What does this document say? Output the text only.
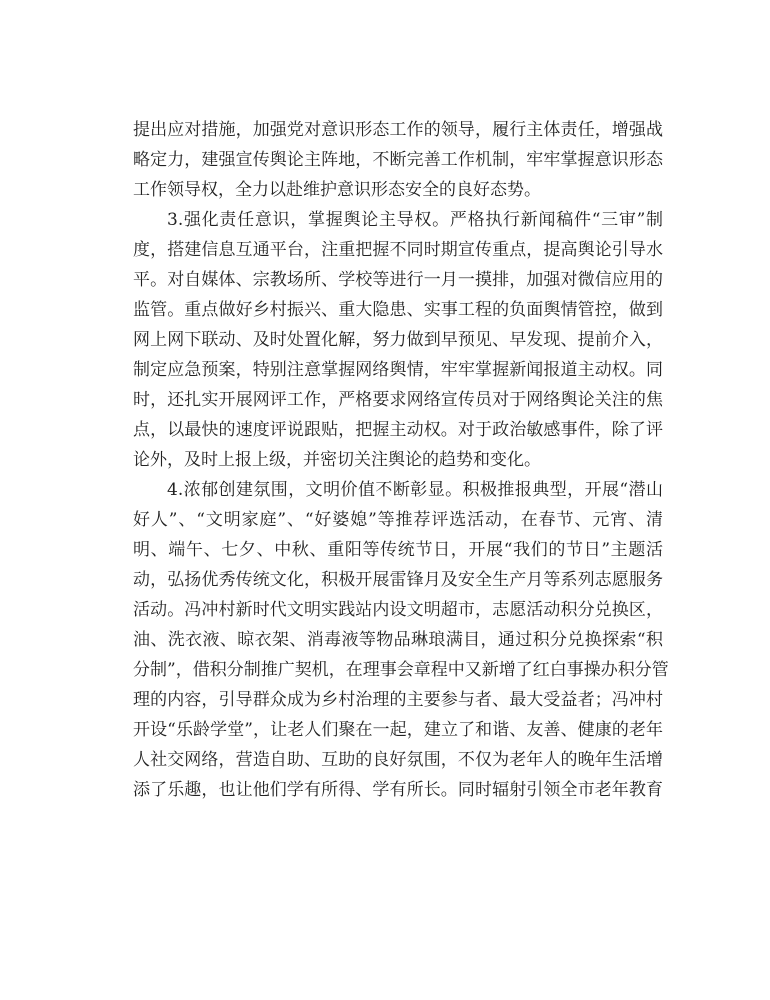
提出应对措施，加强党对意识形态工作的领导，履行主体责任，增强战
略定力，建强宣传舆论主阵地，不断完善工作机制，牢牢掌握意识形态
工作领导权，全力以赴维护意识形态安全的良好态势。
3.强化责任意识，掌握舆论主导权。严格执行新闻稿件“三审”制
度，搭建信息互通平台，注重把握不同时期宣传重点，提高舆论引导水
平。对自媒体、宗教场所、学校等进行一月一摸排，加强对微信应用的
监管。重点做好乡村振兴、重大隐患、实事工程的负面舆情管控，做到
网上网下联动、及时处置化解，努力做到早预见、早发现、提前介入，
制定应急预案，特别注意掌握网络舆情，牢牢掌握新闻报道主动权。同
时，还扎实开展网评工作，严格要求网络宣传员对于网络舆论关注的焦
点，以最快的速度评说跟贴，把握主动权。对于政治敏感事件，除了评
论外，及时上报上级，并密切关注舆论的趋势和变化。
4.浓郁创建氛围，文明价值不断彰显。积极推报典型，开展“潜山
好人”、“文明家庭”、“好婆媳”等推荐评选活动，在春节、元宵、清
明、端午、七夕、中秋、重阳等传统节日，开展“我们的节日”主题活
动，弘扬优秀传统文化，积极开展雷锋月及安全生产月等系列志愿服务
活动。冯冲村新时代文明实践站内设文明超市，志愿活动积分兑换区，
油、洗衣液、晾衣架、消毒液等物品琳琅满目，通过积分兑换探索“积
分制”，借积分制推广契机，在理事会章程中又新增了红白事操办积分管
理的内容，引导群众成为乡村治理的主要参与者、最大受益者；冯冲村
开设“乐龄学堂”，让老人们聚在一起，建立了和谐、友善、健康的老年
人社交网络，营造自助、互助的良好氛围，不仅为老年人的晚年生活增
添了乐趣，也让他们学有所得、学有所长。同时辐射引领全市老年教育
